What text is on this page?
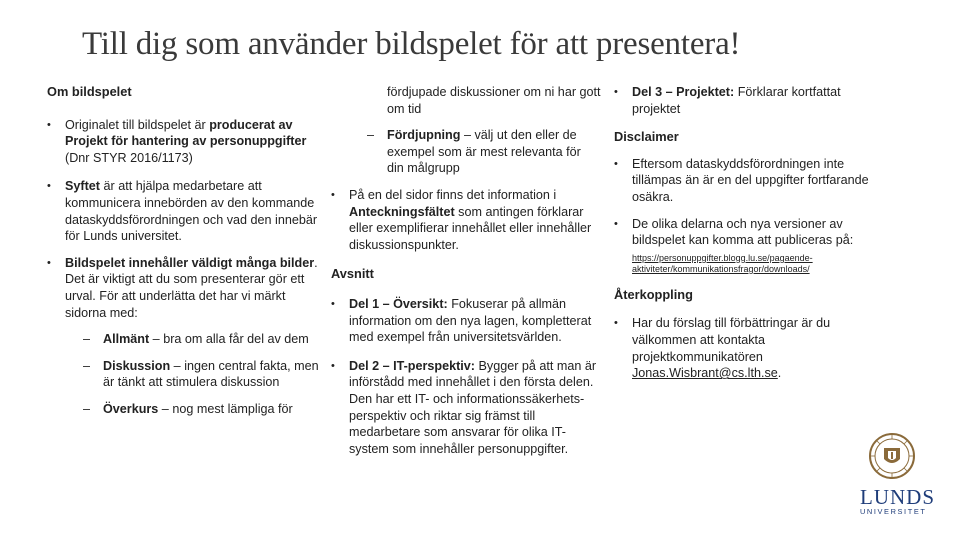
Till dig som använder bildspelet för att presentera!
Om bildspelet
• Originalet till bildspelet är producerat av Projekt för hantering av personuppgifter (Dnr STYR 2016/1173)
• Syftet är att hjälpa medarbetare att kommunicera innebörden av den kommande dataskyddsförordningen och vad den innebär för Lunds universitet.
• Bildspelet innehåller väldigt många bilder. Det är viktigt att du som presenterar gör ett urval. För att underlätta det har vi märkt sidorna med:
– Allmänt – bra om alla får del av dem
– Diskussion – ingen central fakta, men är tänkt att stimulera diskussion
– Överkurs – nog mest lämpliga för
fördjupade diskussioner om ni har gott om tid
– Fördjupning – välj ut den eller de exempel som är mest relevanta för din målgrupp
• På en del sidor finns det information i Anteckningsfältet som antingen förklarar eller exemplifierar innehållet eller innehåller diskussionspunkter.
Avsnitt
• Del 1 – Översikt: Fokuserar på allmän information om den nya lagen, kompletterat med exempel från universitetsvärlden.
• Del 2 – IT-perspektiv: Bygger på att man är införstådd med innehållet i den första delen. Den har ett IT- och informationssäkerhets-perspektiv och riktar sig främst till medarbetare som ansvarar för olika IT-system som innehåller personuppgifter.
• Del 3 – Projektet: Förklarar kortfattat projektet
Disclaimer
• Eftersom dataskyddsförordningen inte tillämpas än är en del uppgifter fortfarande osäkra.
• De olika delarna och nya versioner av bildspelet kan komma att publiceras på:
https://personuppgifter.blogg.lu.se/pagaende-aktiviteter/kommunikationsfragor/downloads/
Återkoppling
• Har du förslag till förbättringar är du välkommen att kontakta projektkommunikatören Jonas.Wisbrant@cs.lth.se.
LUNDS
UNIVERSITET
